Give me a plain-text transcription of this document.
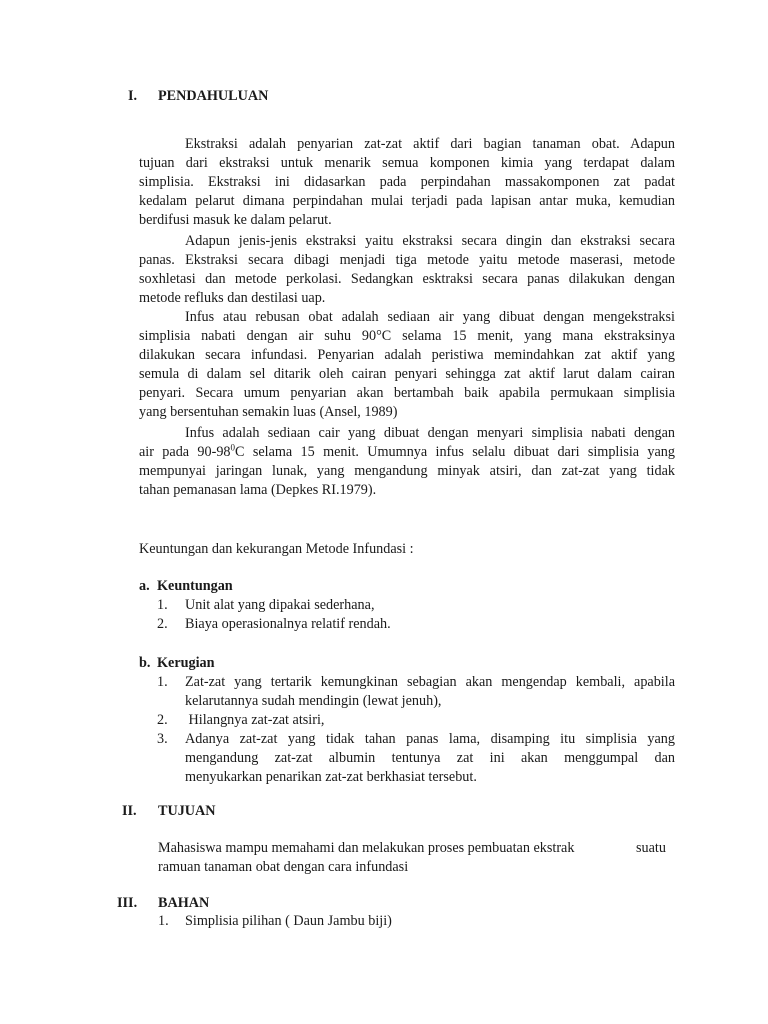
I. PENDAHULUAN
Ekstraksi adalah penyarian zat-zat aktif dari bagian tanaman obat. Adapun
tujuan dari ekstraksi untuk menarik semua komponen kimia yang terdapat dalam
simplisia. Ekstraksi ini didasarkan pada perpindahan massakomponen zat padat
kedalam pelarut dimana perpindahan mulai terjadi pada lapisan antar muka, kemudian
berdifusi masuk ke dalam pelarut.
Adapun jenis-jenis ekstraksi yaitu ekstraksi secara dingin dan ekstraksi secara
panas. Ekstraksi secara dibagi menjadi tiga metode yaitu metode maserasi, metode
soxhletasi dan metode perkolasi. Sedangkan esktraksi secara panas dilakukan dengan
metode refluks dan destilasi uap.
Infus atau rebusan obat adalah sediaan air yang dibuat dengan mengekstraksi
simplisia nabati dengan air suhu 90°C selama 15 menit, yang mana ekstraksinya
dilakukan secara infundasi. Penyarian adalah peristiwa memindahkan zat aktif yang
semula di dalam sel ditarik oleh cairan penyari sehingga zat aktif larut dalam cairan
penyari. Secara umum penyarian akan bertambah baik apabila permukaan simplisia
yang bersentuhan semakin luas (Ansel, 1989)
Infus adalah sediaan cair yang dibuat dengan menyari simplisia nabati dengan
air pada $90-98^0C$ selama 15 menit. Umumnya infus selalu dibuat dari simplisia yang
mempunyai jaringan lunak, yang mengandung minyak atsiri, dan zat-zat yang tidak
tahan pemanasan lama (Depkes RI.1979).
Keuntungan dan kekurangan Metode Infundasi :
a. Keuntungan
1. Unit alat yang dipakai sederhana,
2. Biaya operasionalnya relatif rendah.
b. Kerugian
1. Zat-zat yang tertarik kemungkinan sebagian akan mengendap kembali, apabila
kelarutannya sudah mendingin (lewat jenuh),
2. Hilangnya zat-zat atsiri,
3. Adanya zat-zat yang tidak tahan panas lama, disamping itu simplisia yang
mengandung zat-zat albumin tentunya zat ini akan menggumpal dan
menyukarkan penarikan zat-zat berkhasiat tersebut.
II. TUJUAN
Mahasiswa mampu memahami dan melakukan proses pembuatan ekstrak	suatu
ramuan tanaman obat dengan cara infundasi
III. BAHAN
1. Simplisia pilihan ( Daun Jambu biji)
